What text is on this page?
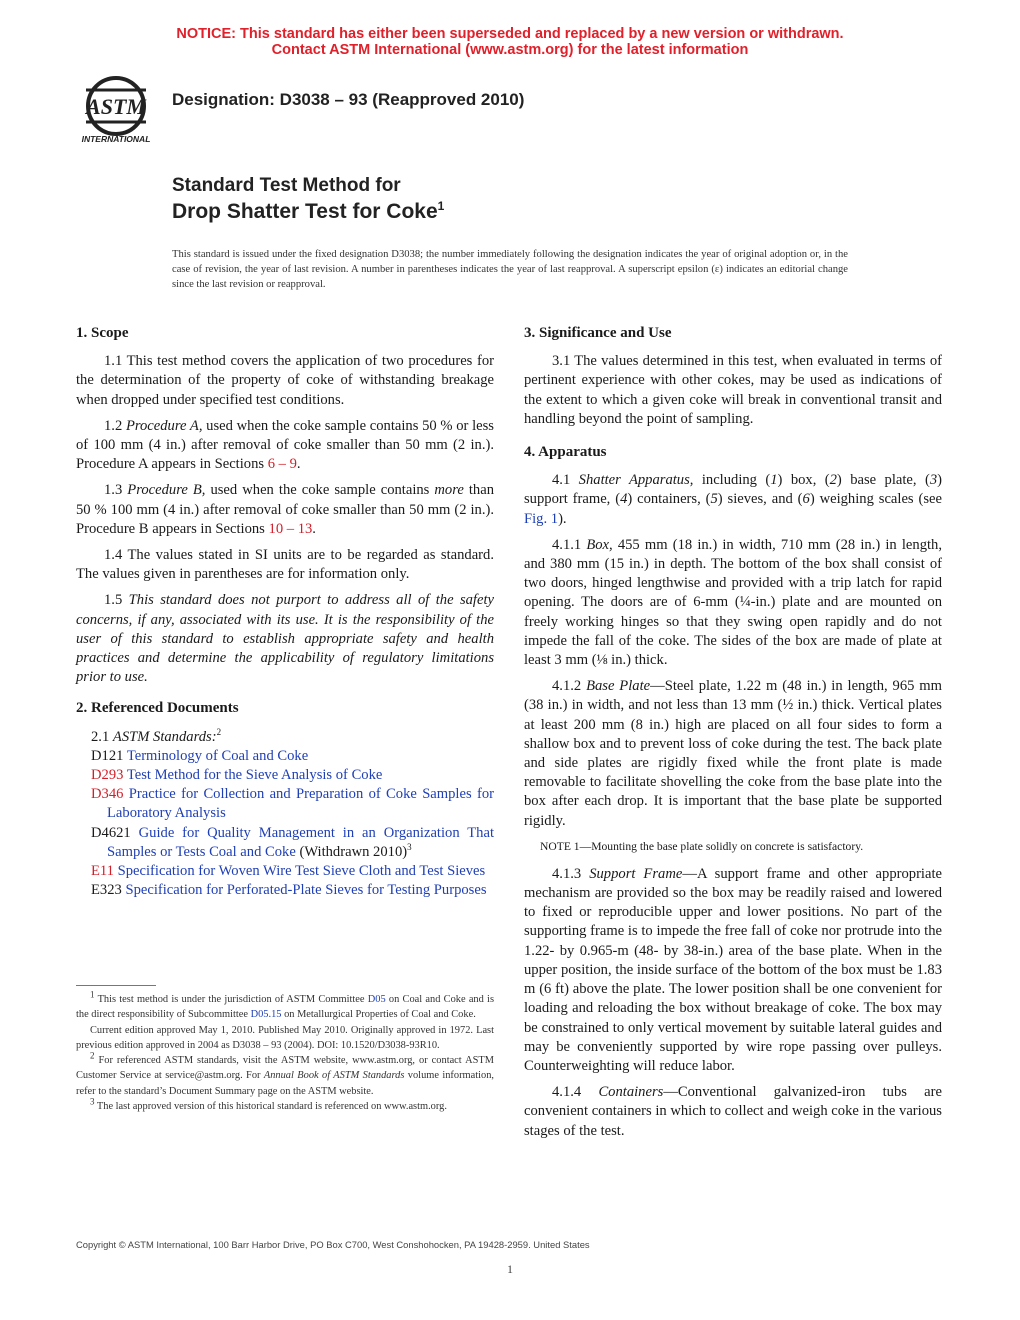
NOTICE: This standard has either been superseded and replaced by a new version or withdrawn.
Contact ASTM International (www.astm.org) for the latest information
ASTM
INTERNATIONAL
Designation: D3038 – 93 (Reapproved 2010)
Standard Test Method for
Drop Shatter Test for Coke$^1$
This standard is issued under the fixed designation D3038; the number immediately following the designation indicates the year of original adoption or, in the case of revision, the year of last revision. A number in parentheses indicates the year of last reapproval. A superscript epsilon (ε) indicates an editorial change since the last revision or reapproval.
1. Scope

1.1 This test method covers the application of two procedures for the determination of the property of coke of withstanding breakage when dropped under specified test conditions.

1.2 Procedure A, used when the coke sample contains 50 % or less of 100 mm (4 in.) after removal of coke smaller than 50 mm (2 in.). Procedure A appears in Sections 6 – 9.

1.3 Procedure B, used when the coke sample contains more than 50 % 100 mm (4 in.) after removal of coke smaller than 50 mm (2 in.). Procedure B appears in Sections 10 – 13.

1.4 The values stated in SI units are to be regarded as standard. The values given in parentheses are for information only.

1.5 This standard does not purport to address all of the safety concerns, if any, associated with its use. It is the responsibility of the user of this standard to establish appropriate safety and health practices and determine the applicability of regulatory limitations prior to use.

2. Referenced Documents

2.1 ASTM Standards:$^2$

D121 Terminology of Coal and Coke
D293 Test Method for the Sieve Analysis of Coke
D346 Practice for Collection and Preparation of Coke Samples for Laboratory Analysis
D4621 Guide for Quality Management in an Organization That Samples or Tests Coal and Coke (Withdrawn 2010)$^3$
E11 Specification for Woven Wire Test Sieve Cloth and Test Sieves
E323 Specification for Perforated-Plate Sieves for Testing Purposes
$^1$ This test method is under the jurisdiction of ASTM Committee D05 on Coal and Coke and is the direct responsibility of Subcommittee D05.15 on Metallurgical Properties of Coal and Coke.
Current edition approved May 1, 2010. Published May 2010. Originally approved in 1972. Last previous edition approved in 2004 as D3038 – 93 (2004). DOI: 10.1520/D3038-93R10.
$^2$ For referenced ASTM standards, visit the ASTM website, www.astm.org, or contact ASTM Customer Service at service@astm.org. For Annual Book of ASTM Standards volume information, refer to the standard’s Document Summary page on the ASTM website.
$^3$ The last approved version of this historical standard is referenced on www.astm.org.
3. Significance and Use

3.1 The values determined in this test, when evaluated in terms of pertinent experience with other cokes, may be used as indications of the extent to which a given coke will break in conventional transit and handling beyond the point of sampling.

4. Apparatus

4.1 Shatter Apparatus, including (1) box, (2) base plate, (3) support frame, (4) containers, (5) sieves, and (6) weighing scales (see Fig. 1).

4.1.1 Box, 455 mm (18 in.) in width, 710 mm (28 in.) in length, and 380 mm (15 in.) in depth. The bottom of the box shall consist of two doors, hinged lengthwise and provided with a trip latch for rapid opening. The doors are of 6-mm (¼-in.) plate and are mounted on freely working hinges so that they swing open rapidly and do not impede the fall of the coke. The sides of the box are made of plate at least 3 mm (⅛ in.) thick.

4.1.2 Base Plate—Steel plate, 1.22 m (48 in.) in length, 965 mm (38 in.) in width, and not less than 13 mm (½ in.) thick. Vertical plates at least 200 mm (8 in.) high are placed on all four sides to form a shallow box and to prevent loss of coke during the test. The back plate and side plates are rigidly fixed while the front plate is made removable to facilitate shovelling the coke from the base plate into the box after each drop. It is important that the base plate be supported rigidly.

NOTE 1—Mounting the base plate solidly on concrete is satisfactory.

4.1.3 Support Frame—A support frame and other appropriate mechanism are provided so the box may be readily raised and lowered to fixed or reproducible upper and lower positions. No part of the supporting frame is to impede the free fall of coke nor protrude into the 1.22- by 0.965-m (48- by 38-in.) area of the base plate. When in the upper position, the inside surface of the bottom of the box must be 1.83 m (6 ft) above the plate. The lower position shall be one convenient for loading and reloading the box without breakage of coke. The box may be constrained to only vertical movement by suitable lateral guides and may be conveniently supported by wire rope passing over pulleys. Counterweighting will reduce labor.

4.1.4 Containers—Conventional galvanized-iron tubs are convenient containers in which to collect and weigh coke in the various stages of the test.

Copyright © ASTM International, 100 Barr Harbor Drive, PO Box C700, West Conshohocken, PA 19428-2959. United States
1
